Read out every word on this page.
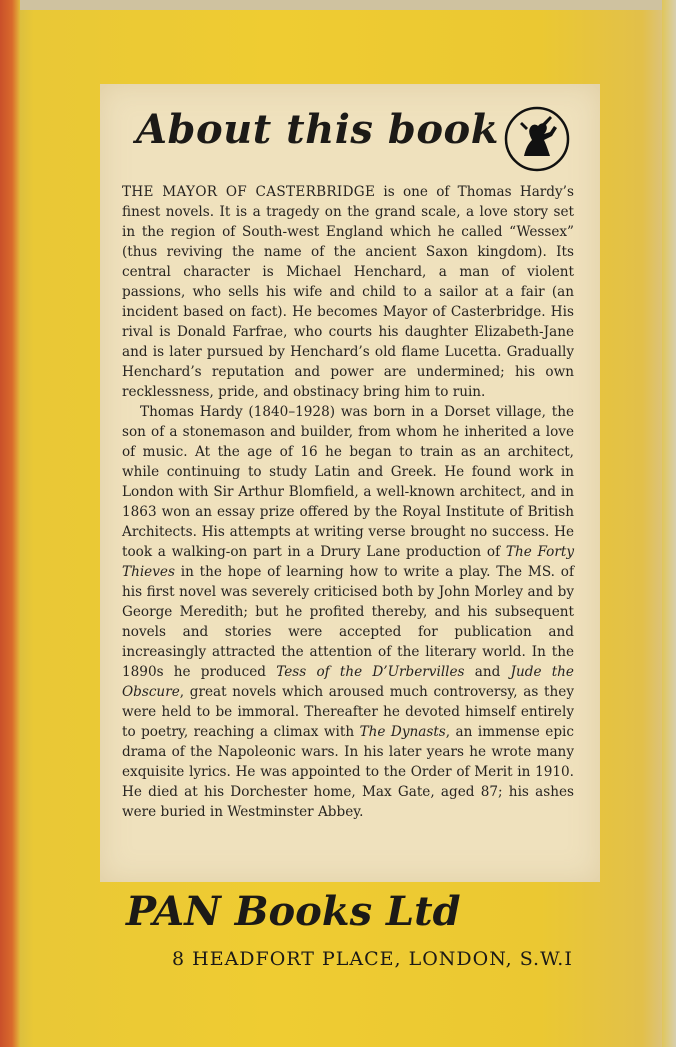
About this book

THE MAYOR OF CASTERBRIDGE is one of Thomas Hardy’s finest novels. It is a tragedy on the grand scale, a love story set in the region of South-west England which he called “Wessex” (thus reviving the name of the ancient Saxon kingdom). Its central character is Michael Henchard, a man of violent passions, who sells his wife and child to a sailor at a fair (an incident based on fact). He becomes Mayor of Casterbridge. His rival is Donald Farfrae, who courts his daughter Elizabeth-Jane and is later pursued by Henchard’s old flame Lucetta. Gradually Henchard’s reputation and power are undermined; his own recklessness, pride, and obstinacy bring him to ruin.

Thomas Hardy (1840–1928) was born in a Dorset village, the son of a stonemason and builder, from whom he inherited a love of music. At the age of 16 he began to train as an architect, while continuing to study Latin and Greek. He found work in London with Sir Arthur Blomfield, a well-known architect, and in 1863 won an essay prize offered by the Royal Institute of British Architects. His attempts at writing verse brought no success. He took a walking-on part in a Drury Lane production of The Forty Thieves in the hope of learning how to write a play. The MS. of his first novel was severely criticised both by John Morley and by George Meredith; but he profited thereby, and his subsequent novels and stories were accepted for publication and increasingly attracted the attention of the literary world. In the 1890s he produced Tess of the D’Urbervilles and Jude the Obscure, great novels which aroused much controversy, as they were held to be immoral. Thereafter he devoted himself entirely to poetry, reaching a climax with The Dynasts, an immense epic drama of the Napoleonic wars. In his later years he wrote many exquisite lyrics. He was appointed to the Order of Merit in 1910. He died at his Dorchester home, Max Gate, aged 87; his ashes were buried in Westminster Abbey.

PAN Books Ltd
8 HEADFORT PLACE, LONDON, S.W.I
